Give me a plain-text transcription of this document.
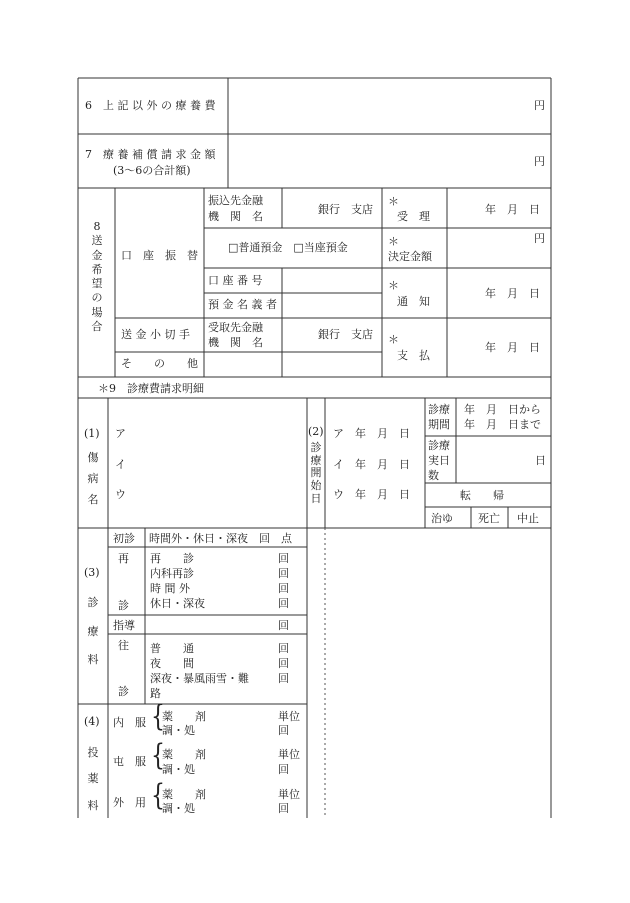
6　上 記 以 外 の 療 養 費	円
7　療 養 補 償 請 求 金 額
(3〜6の合計額)
円
8
送
金
希
望
の
場
合
口　座　振　替
振込先金融
機　関　名
銀行　支店
□普通預金　□当座預金
口 座 番 号
預 金 名 義 者
送 金 小 切 手
受取先金融
機　関　名
銀行　支店
そ　　の　　他
＊
受　理
年　月　日
＊
決定金額
円
＊
通　知
年　月　日
＊
支　払
年　月　日
＊9　診療費請求明細
(1)
傷
病
名
ア
イ
ウ
(2)
診
療
開
始
日
ア　年　月　日
イ　年　月　日
ウ　年　月　日
診療
期間
年　月　日から
年　月　日まで
診療
実日
数
日
転　　帰
治ゆ 死亡 中止
(3)
診
療
料
初診 時間外・休日・深夜　回　点
再
診
再　　診
内科再診
時 間 外
休日・深夜
回
回
回
回
指導	回
往
診
普　　通
夜　　間
深夜・暴風雨雪・難
路
回
回
回
(4)
投
薬
料
内　服 {
薬　　剤
調・処
単位
回
屯　服 {
薬　　剤
調・処
単位
回
外　用 {
薬　　剤
調・処
単位
回
